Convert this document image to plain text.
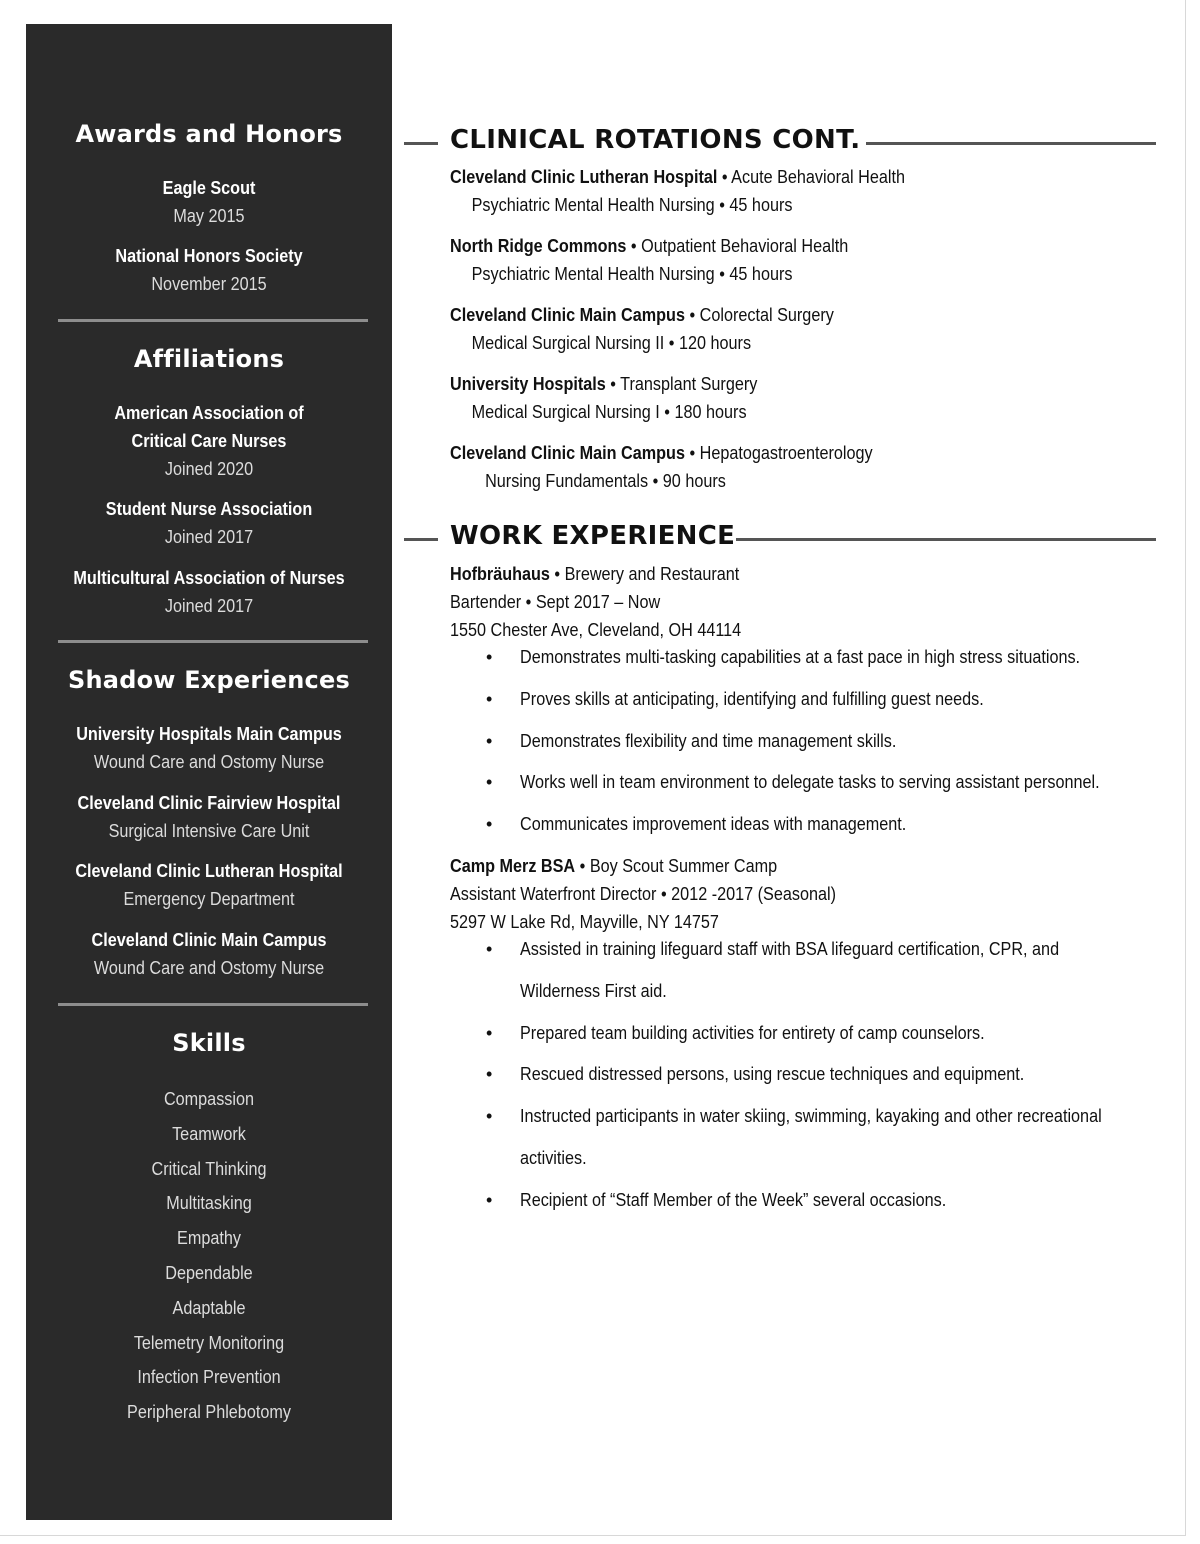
Awards and Honors
Eagle Scout
May 2015
National Honors Society
November 2015
Affiliations
American Association of
Critical Care Nurses
Joined 2020
Student Nurse Association
Joined 2017
Multicultural Association of Nurses
Joined 2017
Shadow Experiences
University Hospitals Main Campus
Wound Care and Ostomy Nurse
Cleveland Clinic Fairview Hospital
Surgical Intensive Care Unit
Cleveland Clinic Lutheran Hospital
Emergency Department
Cleveland Clinic Main Campus
Wound Care and Ostomy Nurse
Skills
Compassion
Teamwork
Critical Thinking
Multitasking
Empathy
Dependable
Adaptable
Telemetry Monitoring
Infection Prevention
Peripheral Phlebotomy
CLINICAL ROTATIONS CONT.
Cleveland Clinic Lutheran Hospital • Acute Behavioral Health
Psychiatric Mental Health Nursing • 45 hours
North Ridge Commons • Outpatient Behavioral Health
Psychiatric Mental Health Nursing • 45 hours
Cleveland Clinic Main Campus • Colorectal Surgery
Medical Surgical Nursing II • 120 hours
University Hospitals • Transplant Surgery
Medical Surgical Nursing I • 180 hours
Cleveland Clinic Main Campus • Hepatogastroenterology
Nursing Fundamentals • 90 hours
WORK EXPERIENCE
Hofbräuhaus • Brewery and Restaurant
Bartender • Sept 2017 – Now
1550 Chester Ave, Cleveland, OH 44114
• Demonstrates multi-tasking capabilities at a fast pace in high stress situations.
• Proves skills at anticipating, identifying and fulfilling guest needs.
• Demonstrates flexibility and time management skills.
• Works well in team environment to delegate tasks to serving assistant personnel.
• Communicates improvement ideas with management.
Camp Merz BSA • Boy Scout Summer Camp
Assistant Waterfront Director • 2012 -2017 (Seasonal)
5297 W Lake Rd, Mayville, NY 14757
• Assisted in training lifeguard staff with BSA lifeguard certification, CPR, and Wilderness First aid.
• Prepared team building activities for entirety of camp counselors.
• Rescued distressed persons, using rescue techniques and equipment.
• Instructed participants in water skiing, swimming, kayaking and other recreational activities.
• Recipient of “Staff Member of the Week” several occasions.
